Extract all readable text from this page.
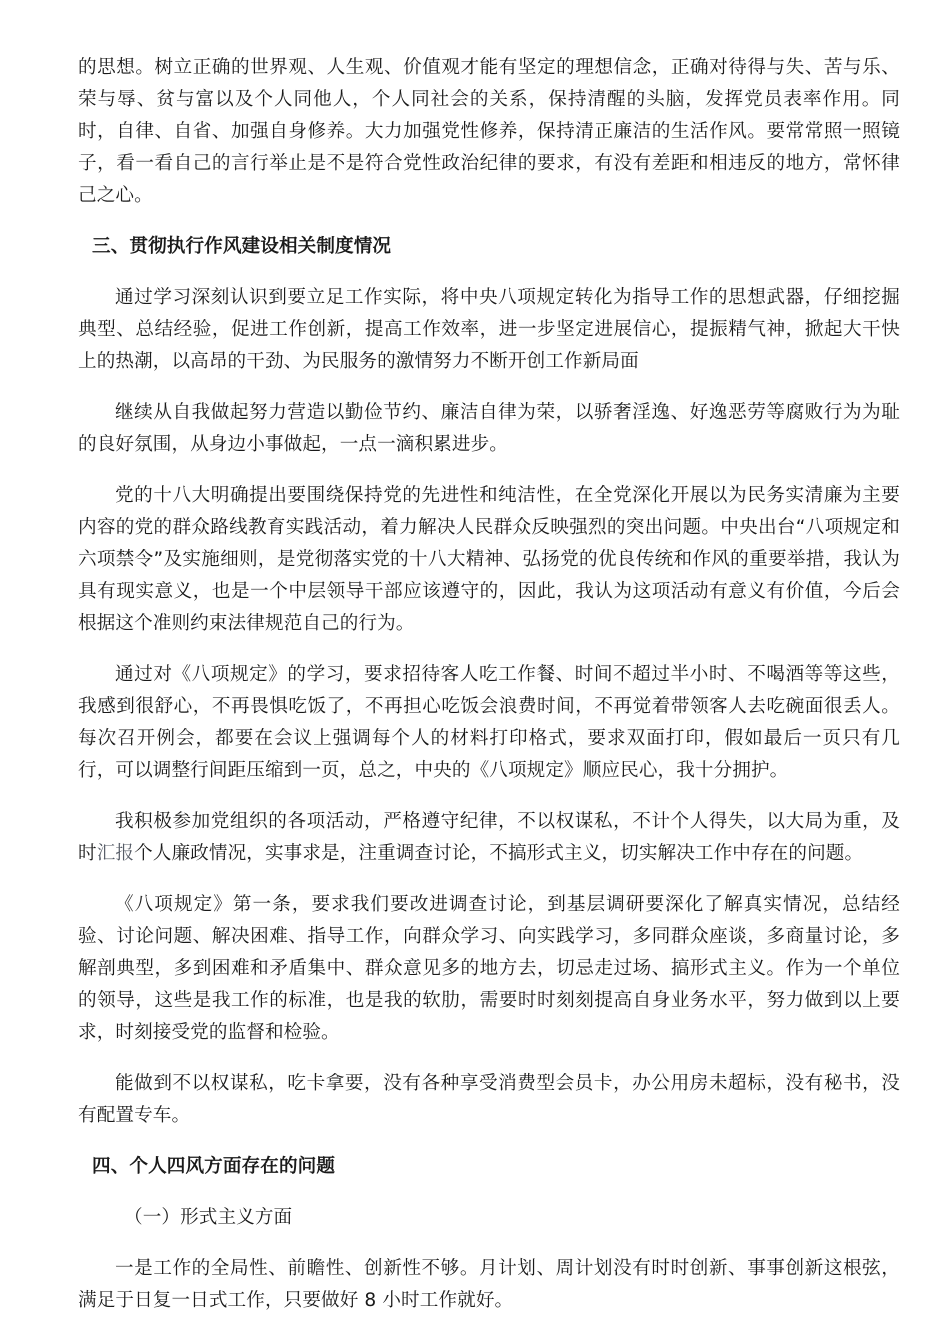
的思想。树立正确的世界观、人生观、价值观才能有坚定的理想信念，正确对待得与失、苦与乐、荣与辱、贫与富以及个人同他人，个人同社会的关系，保持清醒的头脑，发挥党员表率作用。同时，自律、自省、加强自身修养。大力加强党性修养，保持清正廉洁的生活作风。要常常照一照镜子，看一看自己的言行举止是不是符合党性政治纪律的要求，有没有差距和相违反的地方，常怀律己之心。

三、贯彻执行作风建设相关制度情况

通过学习深刻认识到要立足工作实际，将中央八项规定转化为指导工作的思想武器，仔细挖掘典型、总结经验，促进工作创新，提高工作效率，进一步坚定进展信心，提振精气神，掀起大干快上的热潮，以高昂的干劲、为民服务的激情努力不断开创工作新局面

继续从自我做起努力营造以勤俭节约、廉洁自律为荣，以骄奢淫逸、好逸恶劳等腐败行为为耻的良好氛围，从身边小事做起，一点一滴积累进步。

党的十八大明确提出要围绕保持党的先进性和纯洁性，在全党深化开展以为民务实清廉为主要内容的党的群众路线教育实践活动，着力解决人民群众反映强烈的突出问题。中央出台“八项规定和六项禁令”及实施细则，是党彻落实党的十八大精神、弘扬党的优良传统和作风的重要举措，我认为具有现实意义，也是一个中层领导干部应该遵守的，因此，我认为这项活动有意义有价值，今后会根据这个准则约束法律规范自己的行为。

通过对《八项规定》的学习，要求招待客人吃工作餐、时间不超过半小时、不喝酒等等这些，我感到很舒心，不再畏惧吃饭了，不再担心吃饭会浪费时间，不再觉着带领客人去吃碗面很丢人。每次召开例会，都要在会议上强调每个人的材料打印格式，要求双面打印，假如最后一页只有几行，可以调整行间距压缩到一页，总之，中央的《八项规定》顺应民心，我十分拥护。

我积极参加党组织的各项活动，严格遵守纪律，不以权谋私，不计个人得失，以大局为重，及时汇报个人廉政情况，实事求是，注重调查讨论，不搞形式主义，切实解决工作中存在的问题。

《八项规定》第一条，要求我们要改进调查讨论，到基层调研要深化了解真实情况，总结经验、讨论问题、解决困难、指导工作，向群众学习、向实践学习，多同群众座谈，多商量讨论，多解剖典型，多到困难和矛盾集中、群众意见多的地方去，切忌走过场、搞形式主义。作为一个单位的领导，这些是我工作的标准，也是我的软肋，需要时时刻刻提高自身业务水平，努力做到以上要求，时刻接受党的监督和检验。

能做到不以权谋私，吃卡拿要，没有各种享受消费型会员卡，办公用房未超标，没有秘书，没有配置专车。

四、个人四风方面存在的问题

（一）形式主义方面

一是工作的全局性、前瞻性、创新性不够。月计划、周计划没有时时创新、事事创新这根弦，满足于日复一日式工作，只要做好 8 小时工作就好。
